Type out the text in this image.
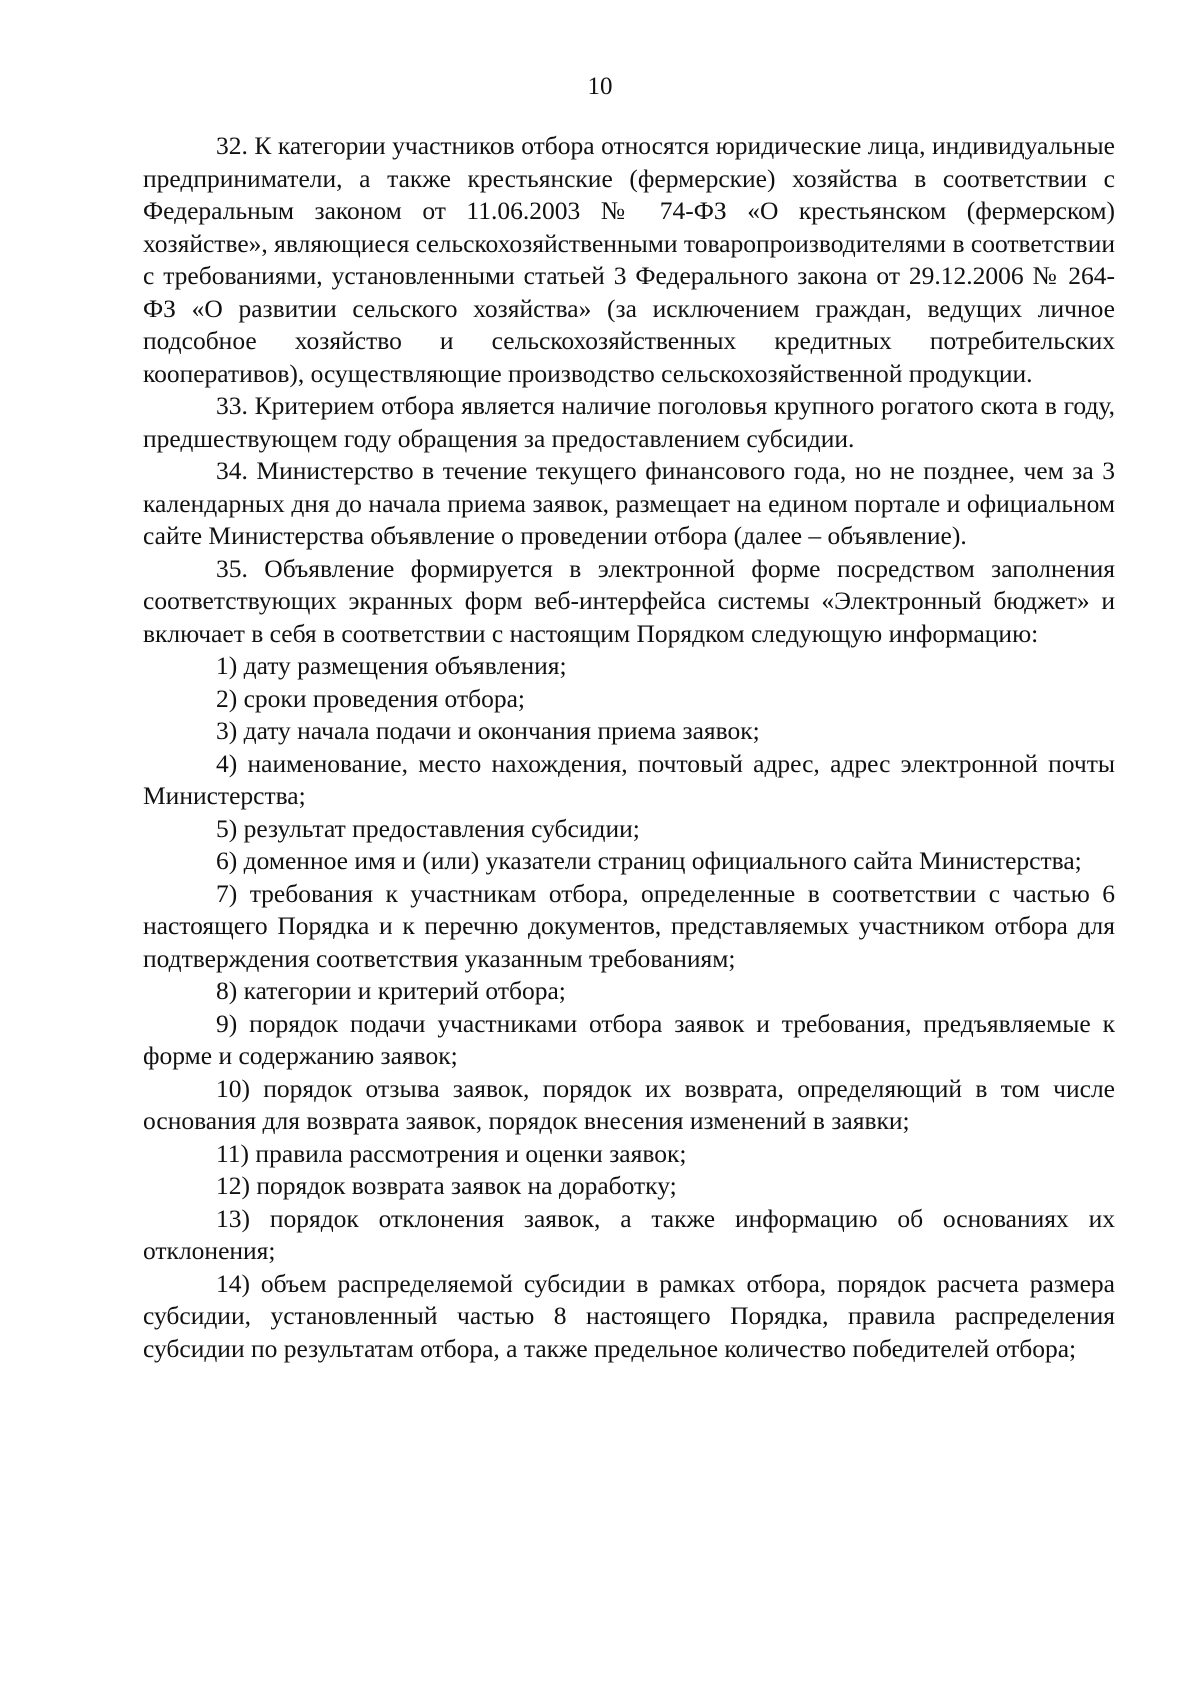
10

32. К категории участников отбора относятся юридические лица, индивидуальные предприниматели, а также крестьянские (фермерские) хозяйства в соответствии с Федеральным законом от 11.06.2003 № 74-ФЗ «О крестьянском (фермерском) хозяйстве», являющиеся сельскохозяйственными товаропроизводителями в соответствии с требованиями, установленными статьей 3 Федерального закона от 29.12.2006 № 264-ФЗ «О развитии сельского хозяйства» (за исключением граждан, ведущих личное подсобное хозяйство и сельскохозяйственных кредитных потребительских кооперативов), осуществляющие производство сельскохозяйственной продукции.

33. Критерием отбора является наличие поголовья крупного рогатого скота в году, предшествующем году обращения за предоставлением субсидии.

34. Министерство в течение текущего финансового года, но не позднее, чем за 3 календарных дня до начала приема заявок, размещает на едином портале и официальном сайте Министерства объявление о проведении отбора (далее – объявление).

35. Объявление формируется в электронной форме посредством заполнения соответствующих экранных форм веб-интерфейса системы «Электронный бюджет» и включает в себя в соответствии с настоящим Порядком следующую информацию:

1) дату размещения объявления;

2) сроки проведения отбора;

3) дату начала подачи и окончания приема заявок;

4) наименование, место нахождения, почтовый адрес, адрес электронной почты Министерства;

5) результат предоставления субсидии;

6) доменное имя и (или) указатели страниц официального сайта Министерства;

7) требования к участникам отбора, определенные в соответствии с частью 6 настоящего Порядка и к перечню документов, представляемых участником отбора для подтверждения соответствия указанным требованиям;

8) категории и критерий отбора;

9) порядок подачи участниками отбора заявок и требования, предъявляемые к форме и содержанию заявок;

10) порядок отзыва заявок, порядок их возврата, определяющий в том числе основания для возврата заявок, порядок внесения изменений в заявки;

11) правила рассмотрения и оценки заявок;

12) порядок возврата заявок на доработку;

13) порядок отклонения заявок, а также информацию об основаниях их отклонения;

14) объем распределяемой субсидии в рамках отбора, порядок расчета размера субсидии, установленный частью 8 настоящего Порядка, правила распределения субсидии по результатам отбора, а также предельное количество победителей отбора;
